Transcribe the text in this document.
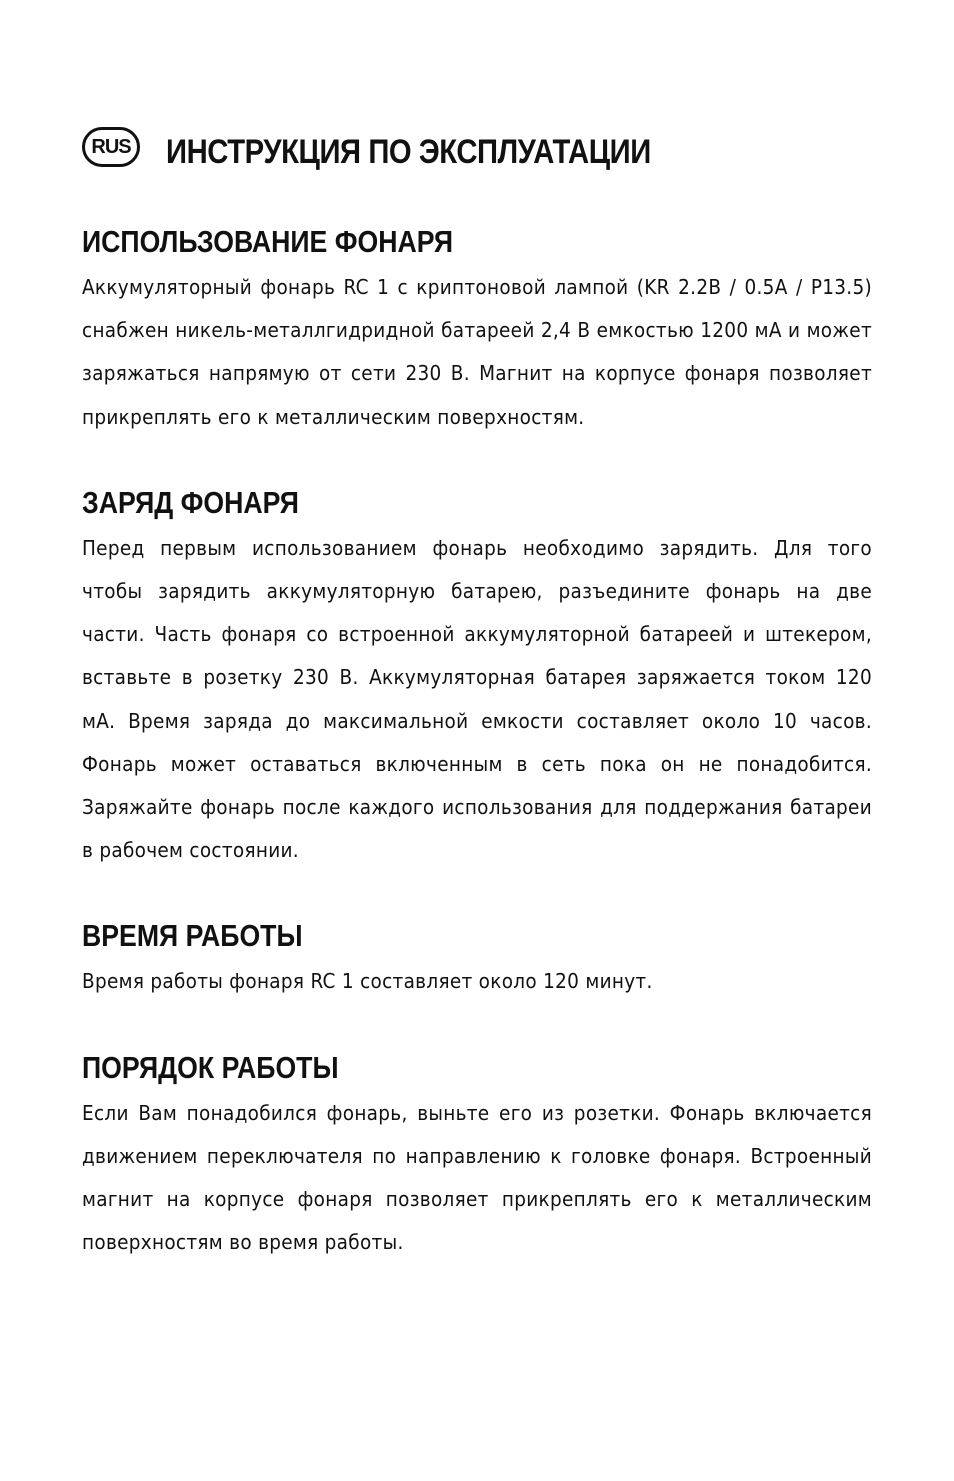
RUS ИНСТРУКЦИЯ ПО ЭКСПЛУАТАЦИИ
ИСПОЛЬЗОВАНИЕ ФОНАРЯ

Аккумуляторный фонарь RC 1 с криптоновой лампой (KR 2.2B / 0.5A / P13.5) снабжен никель-металлгидридной батареей 2,4 В емкостью 1200 мА и может заряжаться напрямую от сети 230 В. Магнит на корпусе фонаря позволяет прикреплять его к металлическим поверхностям.

ЗАРЯД ФОНАРЯ

Перед первым использованием фонарь необходимо зарядить. Для того чтобы зарядить аккумуляторную батарею, разъедините фонарь на две части. Часть фонаря со встроенной аккумуляторной батареей и штекером, вставьте в розетку 230 В. Аккумуляторная батарея заряжается током 120 мА. Время заряда до максимальной емкости составляет около 10 часов. Фонарь может оставаться включенным в сеть пока он не понадобится. Заряжайте фонарь после каждого использования для поддержания батареи в рабочем состоянии.

ВРЕМЯ РАБОТЫ

Время работы фонаря RC 1 составляет около 120 минут.

ПОРЯДОК РАБОТЫ

Если Вам понадобился фонарь, выньте его из розетки. Фонарь включается движением переключателя по направлению к головке фонаря. Встроенный магнит на корпусе фонаря позволяет прикреплять его к металлическим поверхностям во время работы.
